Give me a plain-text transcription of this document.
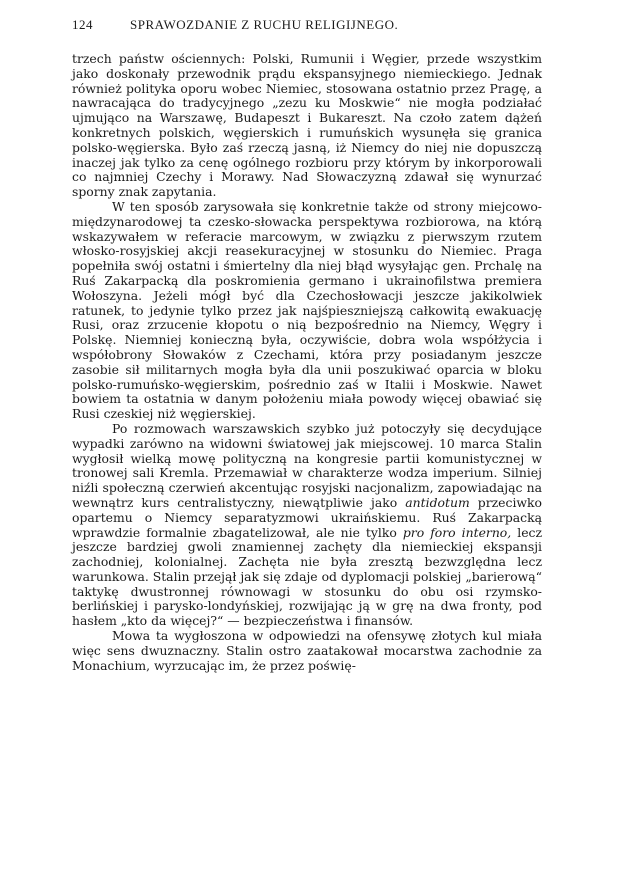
124	SPRAWOZDANIE Z RUCHU RELIGIJNEGO.

trzech państw ościennych: Polski, Rumunii i Węgier, przede wszystkim jako doskonały przewodnik prądu ekspansyjnego niemieckiego. Jednak również polityka oporu wobec Niemiec, stosowana ostatnio przez Pragę, a nawracająca do tradycyjnego „zezu ku Moskwie“ nie mogła podziałać ujmująco na Warszawę, Budapeszt i Bukareszt. Na czoło zatem dążeń konkretnych polskich, węgierskich i rumuńskich wysunęła się granica polsko-węgierska. Było zaś rzeczą jasną, iż Niemcy do niej nie dopuszczą inaczej jak tylko za cenę ogólnego rozbioru przy którym by inkorporowali co najmniej Czechy i Morawy. Nad Słowaczyzną zdawał się wynurzać sporny znak zapytania.

W ten sposób zarysowała się konkretnie także od strony miejcowo-międzynarodowej ta czesko-słowacka perspektywa rozbiorowa, na którą wskazywałem w referacie marcowym, w związku z pierwszym rzutem włosko-rosyjskiej akcji reasekuracyjnej w stosunku do Niemiec. Praga popełniła swój ostatni i śmiertelny dla niej błąd wysyłając gen. Prchalę na Ruś Zakarpacką dla poskromienia germano i ukrainofilstwa premiera Wołoszyna. Jeżeli mógł być dla Czechosłowacji jeszcze jakikolwiek ratunek, to jedynie tylko przez jak najśpieszniejszą całkowitą ewakuację Rusi, oraz zrzucenie kłopotu o nią bezpośrednio na Niemcy, Węgry i Polskę. Niemniej konieczną była, oczywiście, dobra wola współżycia i współobrony Słowaków z Czechami, która przy posiadanym jeszcze zasobie sił militarnych mogła była dla unii poszukiwać oparcia w bloku polsko-rumuńsko-węgierskim, pośrednio zaś w Italii i Moskwie. Nawet bowiem ta ostatnia w danym położeniu miała powody więcej obawiać się Rusi czeskiej niż węgierskiej.

Po rozmowach warszawskich szybko już potoczyły się decydujące wypadki zarówno na widowni światowej jak miejscowej. 10 marca Stalin wygłosił wielką mowę polityczną na kongresie partii komunistycznej w tronowej sali Kremla. Przemawiał w charakterze wodza imperium. Silniej niźli społeczną czerwień akcentując rosyjski nacjonalizm, zapowiadając na wewnątrz kurs centralistyczny, niewątpliwie jako antidotum przeciwko opartemu o Niemcy separatyzmowi ukraińskiemu. Ruś Zakarpacką wprawdzie formalnie zbagatelizował, ale nie tylko pro foro interno, lecz jeszcze bardziej gwoli znamiennej zachęty dla niemieckiej ekspansji zachodniej, kolonialnej. Zachęta nie była zresztą bezwzględna lecz warunkowa. Stalin przejął jak się zdaje od dyplomacji polskiej „barierową“ taktykę dwustronnej równowagi w stosunku do obu osi rzymsko-berlińskiej i parysko-londyńskiej, rozwijając ją w grę na dwa fronty, pod hasłem „kto da więcej?“ — bezpieczeństwa i finansów.

Mowa ta wygłoszona w odpowiedzi na ofensywę złotych kul miała więc sens dwuznaczny. Stalin ostro zaatakował mocarstwa zachodnie za Monachium, wyrzucając im, że przez poświę-
